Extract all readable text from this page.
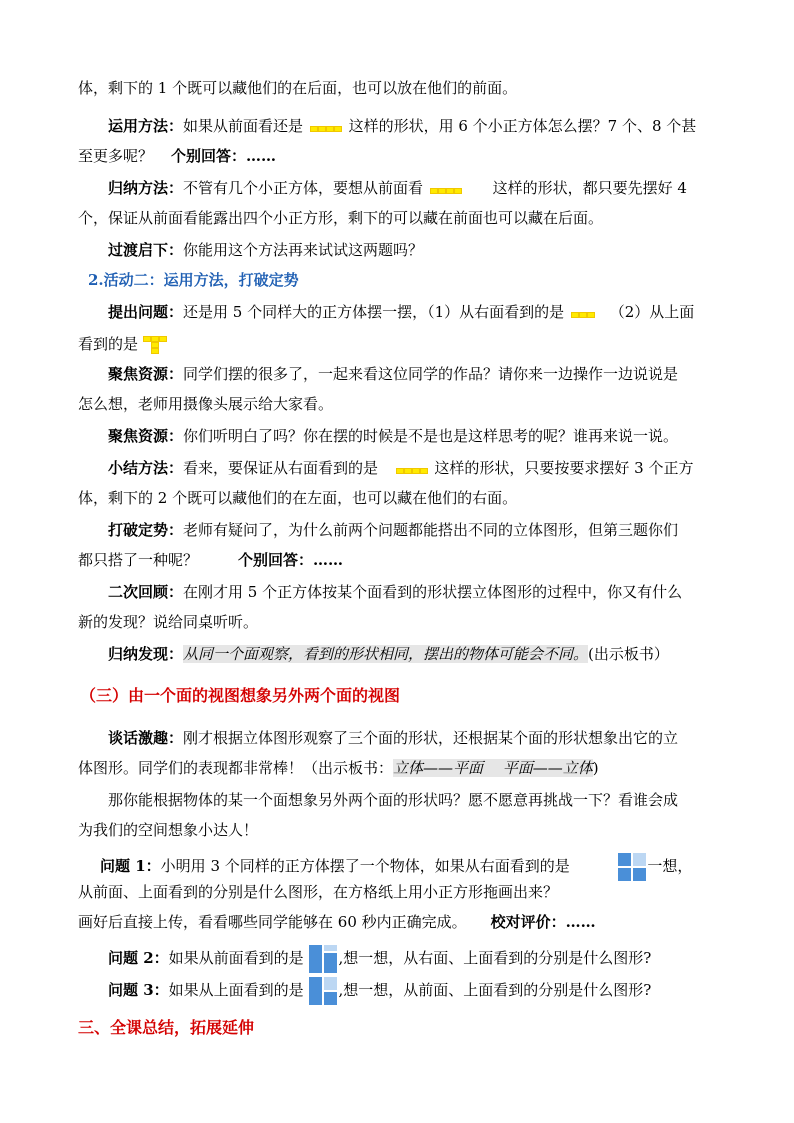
体，剩下的 1 个既可以藏他们的在后面，也可以放在他们的前面。
运用方法：如果从前面看还是	这样的形状，用 6 个小正方体怎么摆？7 个、8 个甚
至更多呢？ 个别回答：……
归纳方法：不管有几个小正方体，要想从前面看	这样的形状，都只要先摆好 4
个，保证从前面看能露出四个小正方形，剩下的可以藏在前面也可以藏在后面。
过渡启下：你能用这个方法再来试试这两题吗？
2.活动二：运用方法，打破定势
提出问题：还是用 5 个同样大的正方体摆一摆，（1）从右面看到的是	（2）从上面
看到的是
聚焦资源：同学们摆的很多了，一起来看这位同学的作品？请你来一边操作一边说说是
怎么想，老师用摄像头展示给大家看。
聚焦资源：你们听明白了吗？你在摆的时候是不是也是这样思考的呢？谁再来说一说。
小结方法：看来，要保证从右面看到的是	这样的形状，只要按要求摆好 3 个正方
体，剩下的 2 个既可以藏他们的在左面，也可以藏在他们的右面。
打破定势：老师有疑问了，为什么前两个问题都能搭出不同的立体图形，但第三题你们
都只搭了一种呢？	个别回答：……
二次回顾：在刚才用 5 个正方体按某个面看到的形状摆立体图形的过程中，你又有什么
新的发现？说给同桌听听。
归纳发现：从同一个面观察，看到的形状相同，摆出的物体可能会不同。(出示板书）
（三）由一个面的视图想象另外两个面的视图
谈话激趣：刚才根据立体图形观察了三个面的形状，还根据某个面的形状想象出它的立
体图形。同学们的表现都非常棒！（出示板书：立体——平面　 平面——立体)
那你能根据物体的某一个面想象另外两个面的形状吗？愿不愿意再挑战一下？看谁会成
为我们的空间想象小达人！
问题 1：小明用 3 个同样的正方体摆了一个物体，如果从右面看到的是	一想，
从前面、上面看到的分别是什么图形，在方格纸上用小正方形拖画出来？
画好后直接上传，看看哪些同学能够在 60 秒内正确完成。 校对评价：……
问题 2：如果从前面看到的是 ,想一想，从右面、上面看到的分别是什么图形?
问题 3：如果从上面看到的是 ,想一想，从前面、上面看到的分别是什么图形?
三、全课总结，拓展延伸
